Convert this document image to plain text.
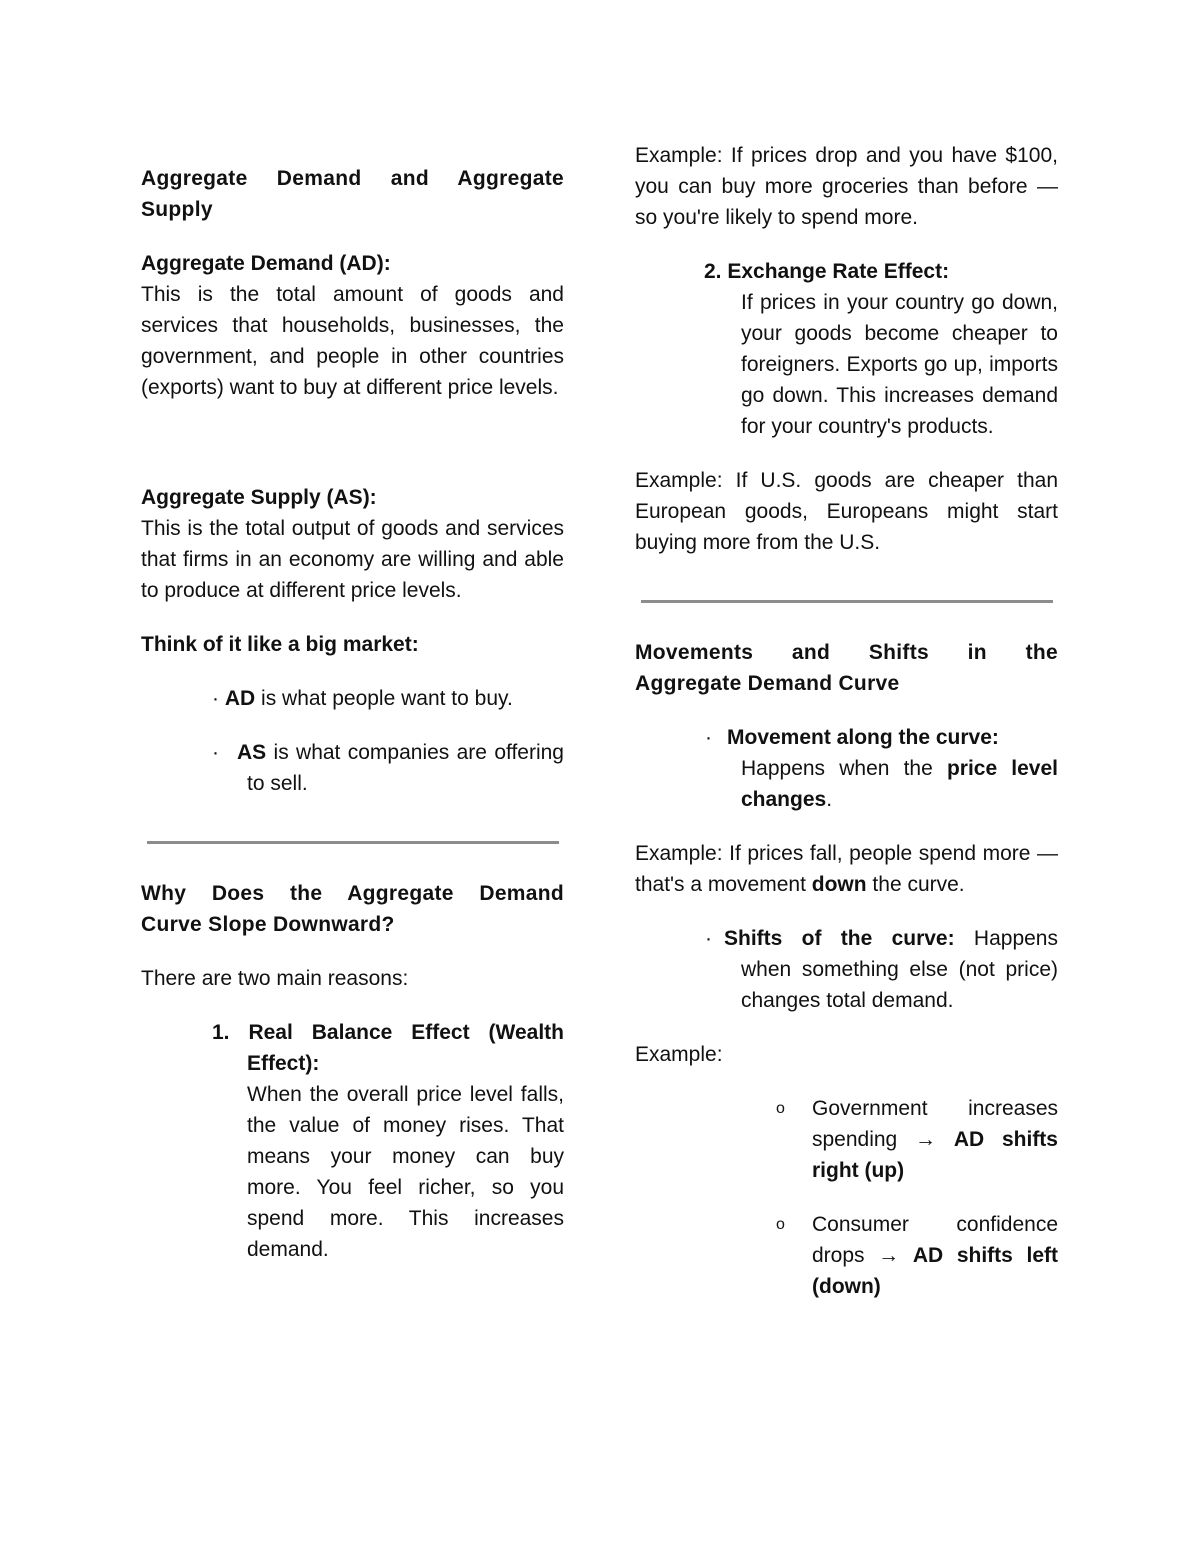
Aggregate Demand and Aggregate

Supply

Aggregate Demand (AD):

This is the total amount of goods and services that households, businesses, the government, and people in other countries (exports) want to buy at different price levels.

Aggregate Supply (AS):

This is the total output of goods and services that firms in an economy are willing and able to produce at different price levels.

Think of it like a big market:

· AD is what people want to buy.
· AS is what companies are offering to sell.

Why Does the Aggregate Demand

Curve Slope Downward?

There are two main reasons:

1. Real Balance Effect (Wealth Effect):

When the overall price level falls, the value of money rises. That means your money can buy more. You feel richer, so you spend more. This increases demand.

Example: If prices drop and you have $100, you can buy more groceries than before — so you're likely to spend more.

2. Exchange Rate Effect:

If prices in your country go down, your goods become cheaper to foreigners. Exports go up, imports go down. This increases demand for your country's products.

Example: If U.S. goods are cheaper than European goods, Europeans might start buying more from the U.S.

Movements and Shifts in the

Aggregate Demand Curve

· Movement along the curve:

Happens when the price level changes.

Example: If prices fall, people spend more — that's a movement down the curve.

· Shifts of the curve: Happens when something else (not price) changes total demand.

Example:

o Government increases spending → AD shifts right (up)

o Consumer confidence drops → AD shifts left (down)
